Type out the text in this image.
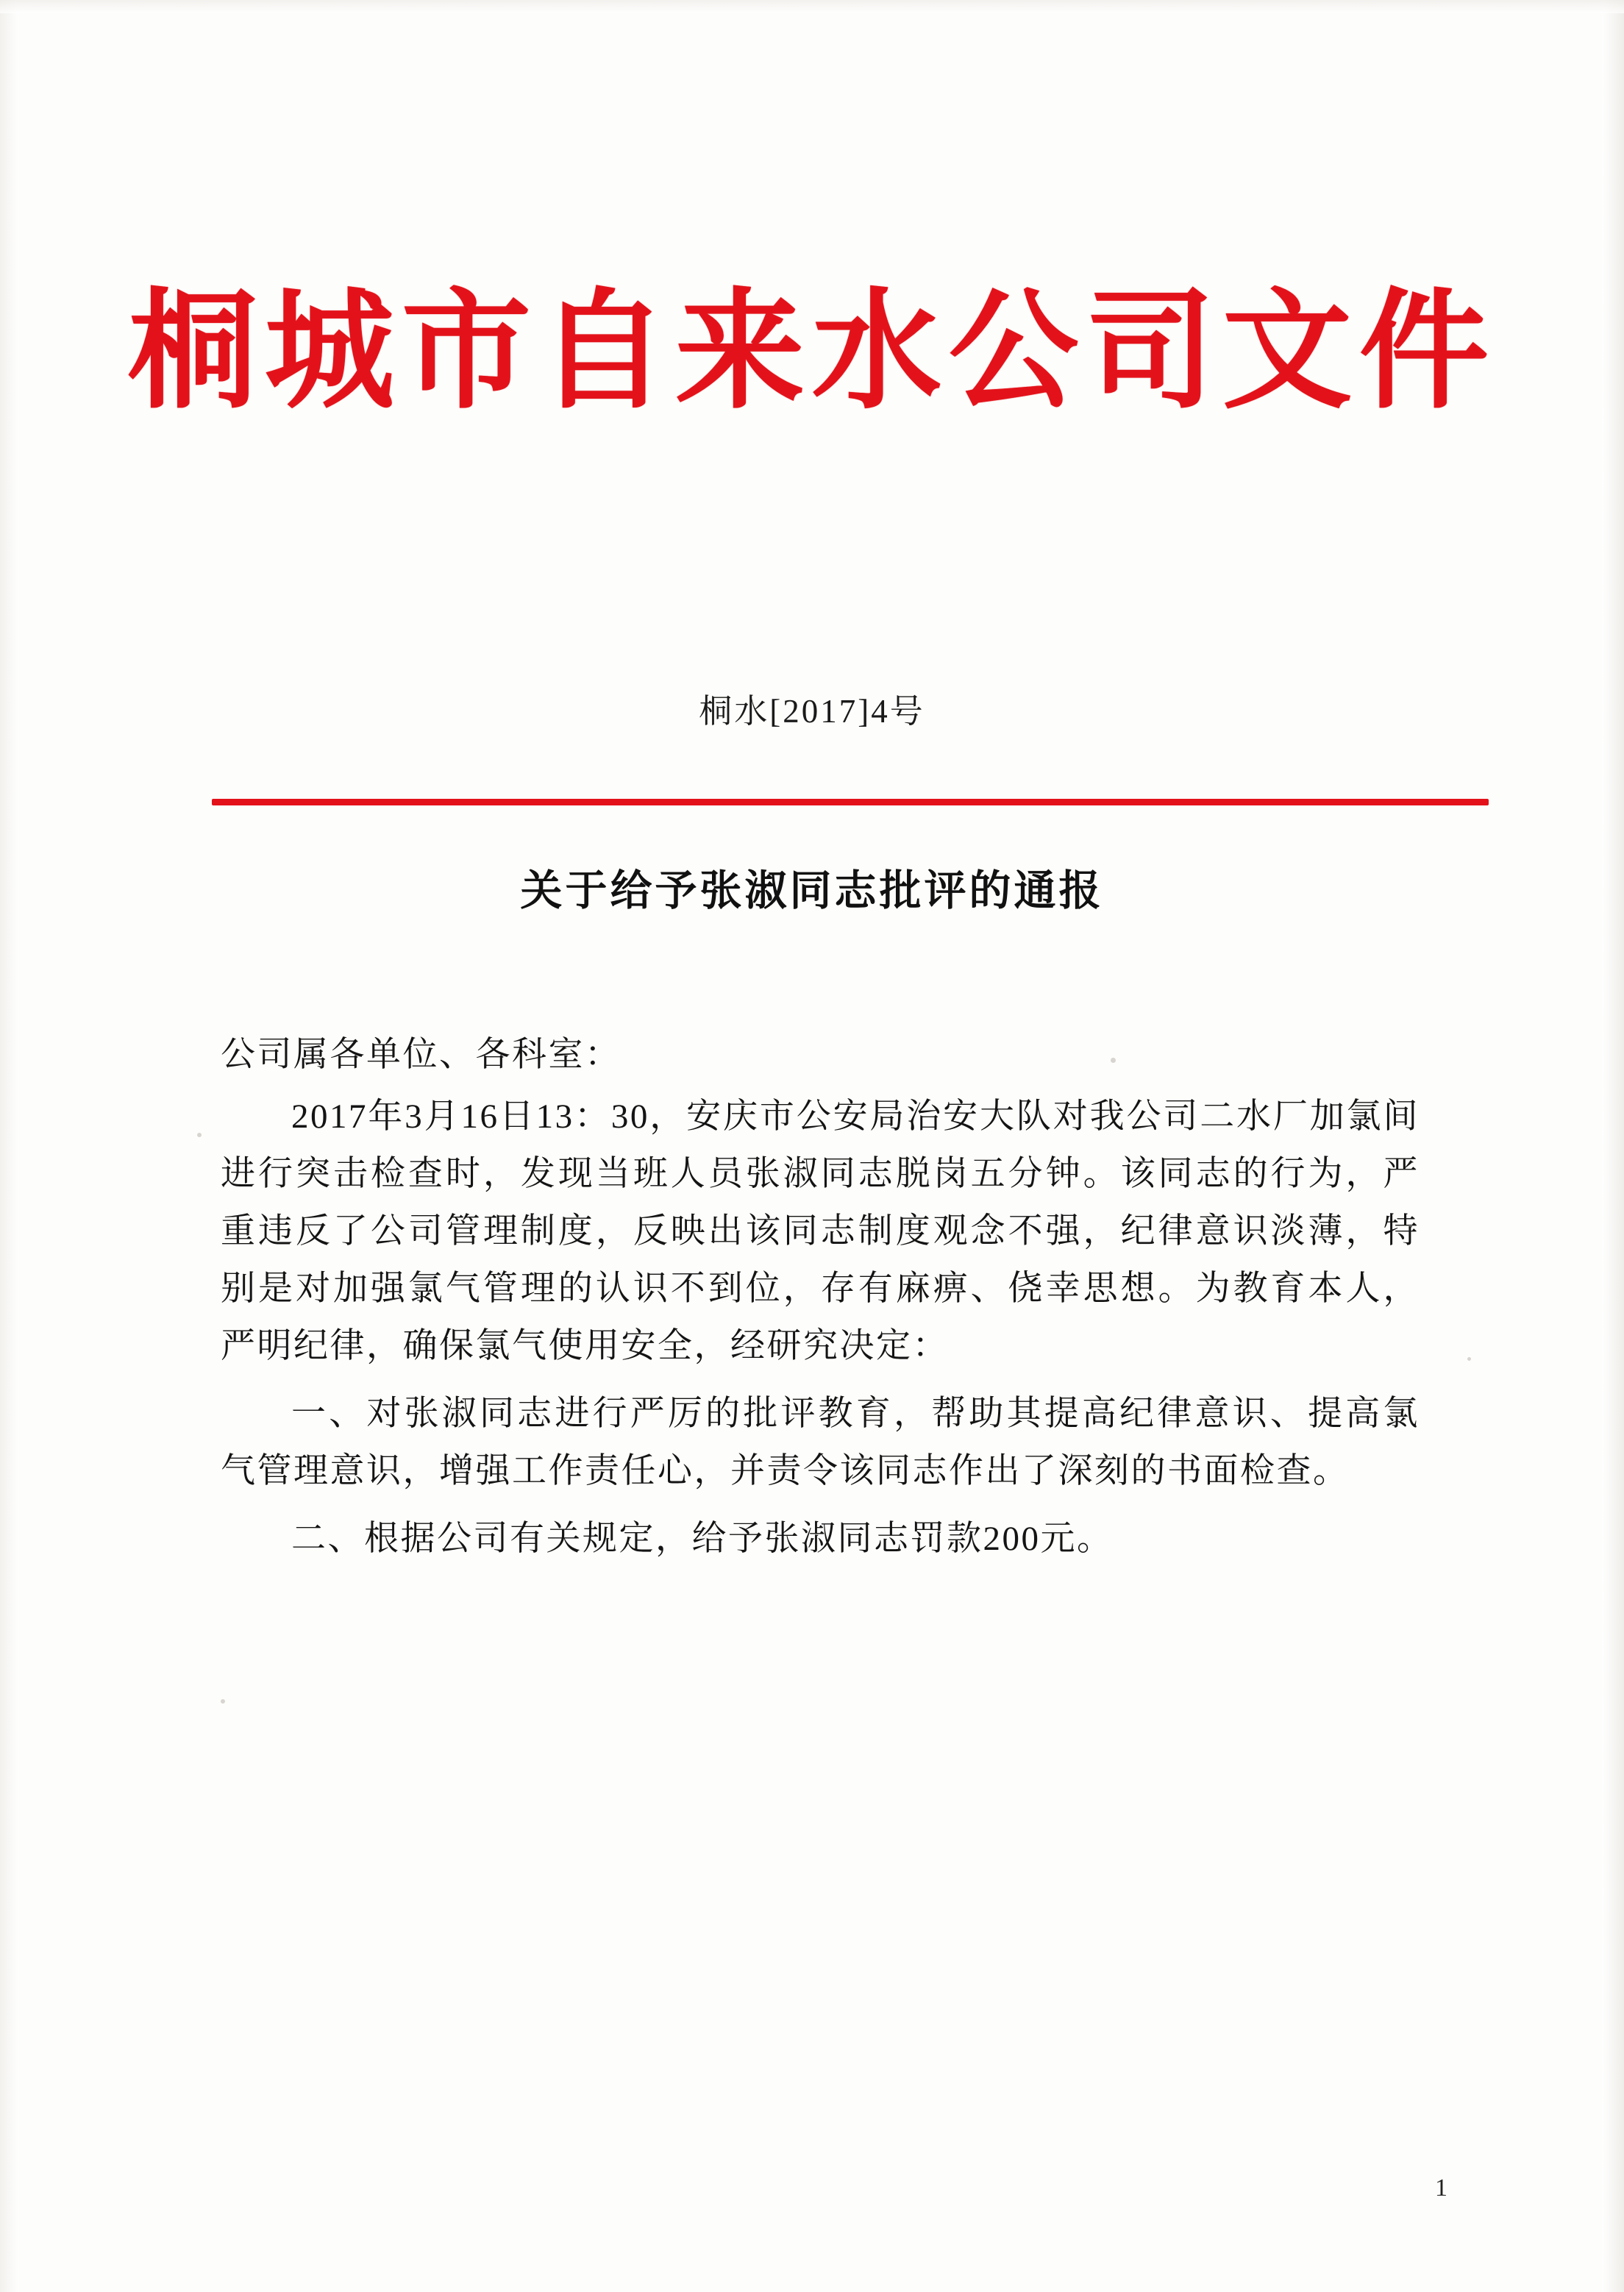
桐城市自来水公司文件
桐水[2017]4号
关于给予张淑同志批评的通报

公司属各单位、各科室：

2017年3月16日13：30，安庆市公安局治安大队对我公司二水厂加氯间进行突击检查时，发现当班人员张淑同志脱岗五分钟。该同志的行为，严重违反了公司管理制度，反映出该同志制度观念不强，纪律意识淡薄，特别是对加强氯气管理的认识不到位，存有麻痹、侥幸思想。为教育本人，严明纪律，确保氯气使用安全，经研究决定：

一、对张淑同志进行严厉的批评教育，帮助其提高纪律意识、提高氯气管理意识，增强工作责任心，并责令该同志作出了深刻的书面检查。

二、根据公司有关规定，给予张淑同志罚款200元。

1
